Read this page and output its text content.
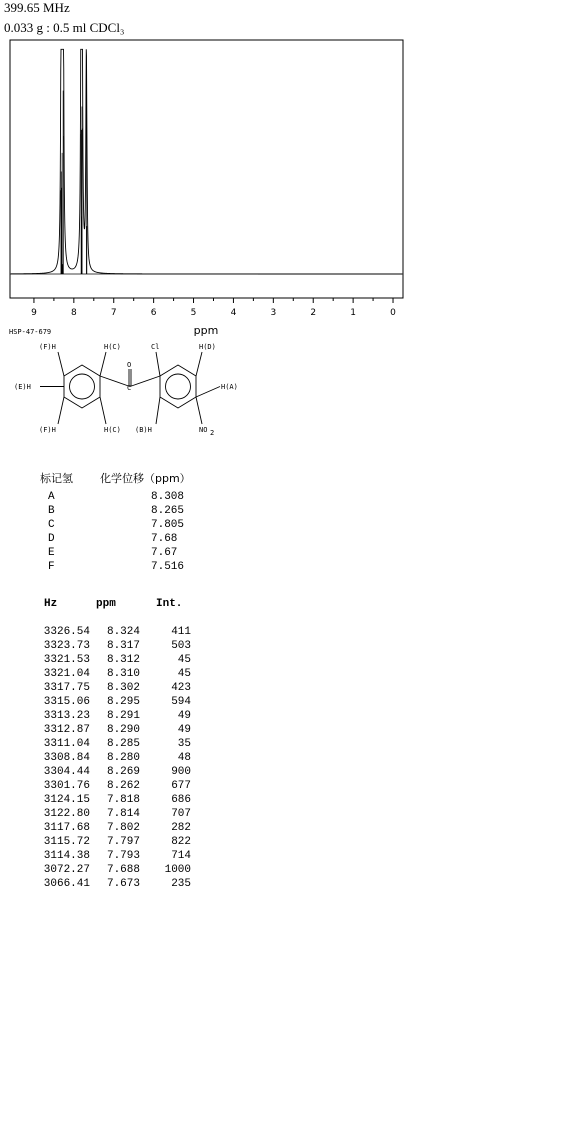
399.65 MHz
0.033 g : 0.5 ml CDCl₃
9	8	7	6	5	4	3	2	1	0
ppm
HSP-47-679
(F)H	H(C)	Cl	H(D)
(E)H	H(A)
(F)H	H(C) (B)H	NO 2
O
C
标记氢 化学位移（ppm）
A	8.308
B	8.265
C	7.805
D	7.68
E	7.67
F	7.516
Hz	ppm	Int.
3326.54 8.324	411
3323.73 8.317	503
3321.53 8.312	45
3321.04 8.310	45
3317.75 8.302	423
3315.06 8.295	594
3313.23 8.291	49
3312.87 8.290	49
3311.04 8.285	35
3308.84 8.280	48
3304.44 8.269	900
3301.76 8.262	677
3124.15 7.818	686
3122.80 7.814	707
3117.68 7.802	282
3115.72 7.797	822
3114.38 7.793	714
3072.27 7.688 1000
3066.41 7.673	235
